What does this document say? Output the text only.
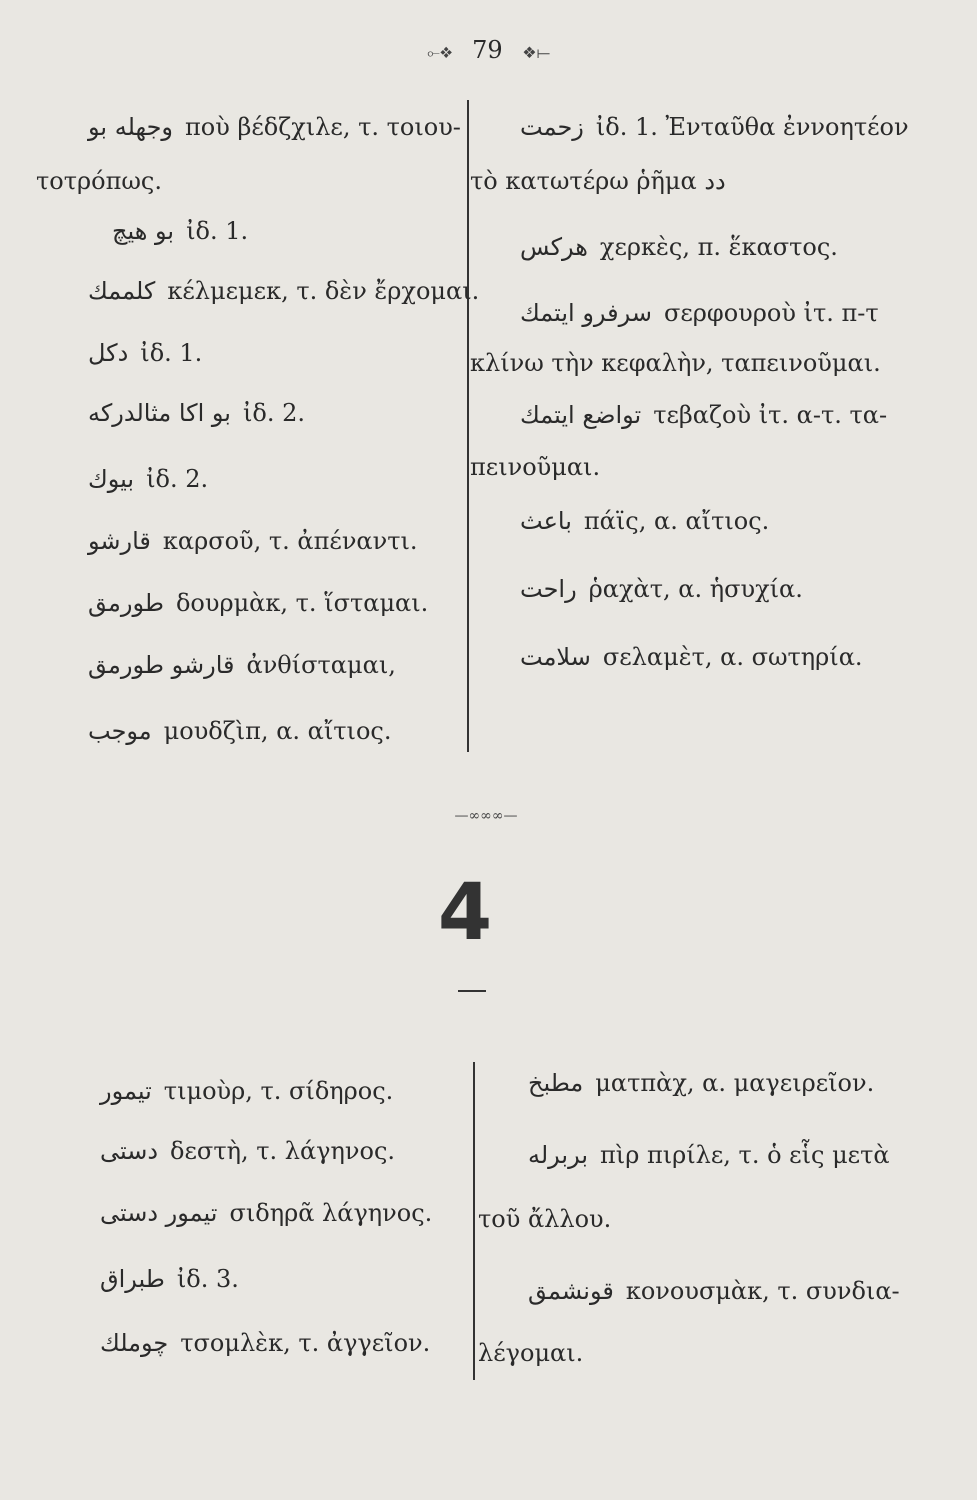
⟜❖ 79 ❖⟝
وجهله بو ποὺ βέδζχιλε, τ. τοιου-
τοτρόπως.
بو هيچ ἰδ. 1.
کلممك κέλμεμεκ, τ. δὲν ἔρχομαι.
دکل ἰδ. 1.
بو اکا مثالدرکه ἰδ. 2.
بیوك ἰδ. 2.
قارشو καρσοῦ, τ. ἀπέναντι.
طورمق δουρμὰκ, τ. ἵσταμαι.
قارشو طورمق ἀνθίσταμαι,
موجب μουδζὶπ, α. αἴτιος.
زحمت ἰδ. 1. Ἐνταῦθα ἐννοητέον
τὸ κατωτέρω ῥῆμα دد
هرکس χερκὲς, π. ἕκαστος.
سرفرو ایتمك σερφουροὺ ἰτ. π-τ
κλίνω τὴν κεφαλὴν, ταπεινοῦμαι.
تواضع ایتمك τεβαζοὺ ἰτ. α-τ. τα-
πεινοῦμαι.
باعث πάϊς, α. αἴτιος.
راحت ῥαχὰτ, α. ἡσυχία.
سلامت σελαμὲτ, α. σωτηρία.
—∞∞∞—
4
تیمور τιμοὺρ, τ. σίδηρος.
دستی δεστὴ, τ. λάγηνος.
تیمور دستی σιδηρᾶ λάγηνος.
طبراق ἰδ. 3.
چوملك τσομλὲκ, τ. ἀγγεῖον.
مطبخ ματπὰχ, α. μαγειρεῖον.
بربرله πὶρ πιρίλε, τ. ὁ εἷς μετὰ
τοῦ ἄλλου.
قونشمق κονουσμὰκ, τ. συνδια-
λέγομαι.
